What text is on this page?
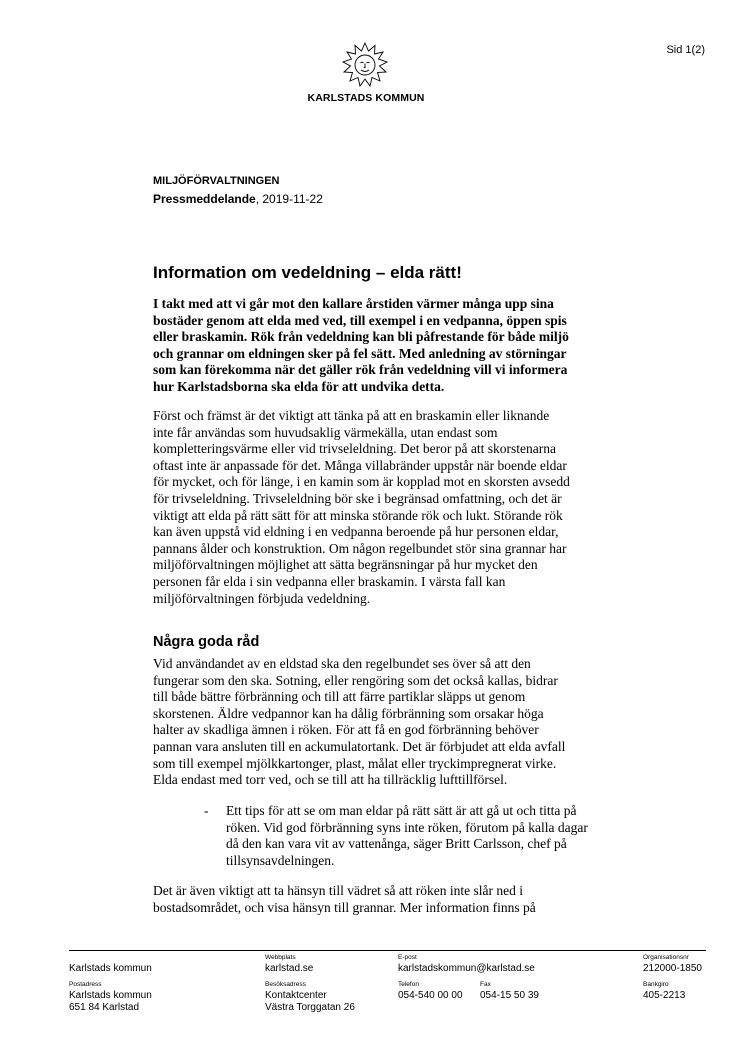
Sid 1(2)
KARLSTADS KOMMUN
MILJÖFÖRVALTNINGEN
Pressmeddelande, 2019-11-22
Information om vedeldning – elda rätt!
I takt med att vi går mot den kallare årstiden värmer många upp sina
bostäder genom att elda med ved, till exempel i en vedpanna, öppen spis
eller braskamin. Rök från vedeldning kan bli påfrestande för både miljö
och grannar om eldningen sker på fel sätt. Med anledning av störningar
som kan förekomma när det gäller rök från vedeldning vill vi informera
hur Karlstadsborna ska elda för att undvika detta.
Först och främst är det viktigt att tänka på att en braskamin eller liknande
inte får användas som huvudsaklig värmekälla, utan endast som
kompletteringsvärme eller vid trivseleldning. Det beror på att skorstenarna
oftast inte är anpassade för det. Många villabränder uppstår när boende eldar
för mycket, och för länge, i en kamin som är kopplad mot en skorsten avsedd
för trivseleldning. Trivseleldning bör ske i begränsad omfattning, och det är
viktigt att elda på rätt sätt för att minska störande rök och lukt. Störande rök
kan även uppstå vid eldning i en vedpanna beroende på hur personen eldar,
pannans ålder och konstruktion. Om någon regelbundet stör sina grannar har
miljöförvaltningen möjlighet att sätta begränsningar på hur mycket den
personen får elda i sin vedpanna eller braskamin. I värsta fall kan
miljöförvaltningen förbjuda vedeldning.
Några goda råd
Vid användandet av en eldstad ska den regelbundet ses över så att den
fungerar som den ska. Sotning, eller rengöring som det också kallas, bidrar
till både bättre förbränning och till att färre partiklar släpps ut genom
skorstenen. Äldre vedpannor kan ha dålig förbränning som orsakar höga
halter av skadliga ämnen i röken. För att få en god förbränning behöver
pannan vara ansluten till en ackumulatortank. Det är förbjudet att elda avfall
som till exempel mjölkkartonger, plast, målat eller tryckimpregnerat virke.
Elda endast med torr ved, och se till att ha tillräcklig lufttillförsel.
- Ett tips för att se om man eldar på rätt sätt är att gå ut och titta på
röken. Vid god förbränning syns inte röken, förutom på kalla dagar
då den kan vara vit av vattenånga, säger Britt Carlsson, chef på
tillsynsavdelningen.
Det är även viktigt att ta hänsyn till vädret så att röken inte slår ned i
bostadsområdet, och visa hänsyn till grannar. Mer information finns på
Karlstads kommun
Webbplats
karlstad.se
E-post
karlstadskommun@karlstad.se
Organisationsnr
212000-1850
Postadress
Karlstads kommun
651 84 Karlstad
Besöksadress
Kontaktcenter
Västra Torggatan 26
Telefon
054-540 00 00
Fax
054-15 50 39
Bankgiro
405-2213
